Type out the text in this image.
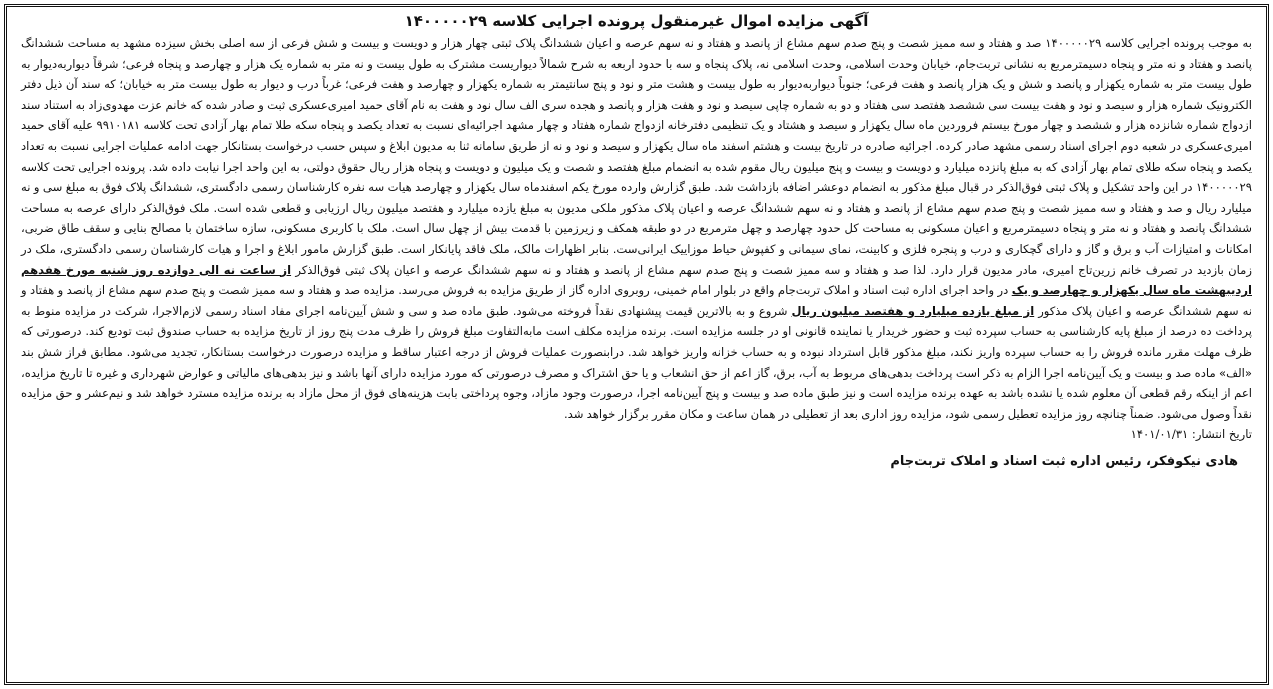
آگهی مزایده اموال غیرمنقول پرونده اجرایی کلاسه ۱۴۰۰۰۰۰۲۹

به موجب پرونده اجرایی کلاسه ۱۴۰۰۰۰۰۲۹ صد و هفتاد و سه ممیز شصت و پنج صدم سهم مشاع از پانصد و هفتاد و نه سهم عرصه و اعیان ششدانگ پلاک ثبتی چهار هزار و دویست و بیست و شش فرعی از سه اصلی بخش سیزده مشهد به مساحت ششدانگ پانصد و هفتاد و نه متر و پنجاه دسیمترمربع به نشانی تربت‌جام، خیابان وحدت اسلامی، وحدت اسلامی نه، پلاک پنجاه و سه با حدود اربعه به شرح شمالاً دیواریست مشترک به طول بیست و نه متر به شماره یک هزار و چهارصد و پنجاه فرعی؛ شرقاً دیواربه‌دیوار به طول بیست متر به شماره یکهزار و پانصد و شش و یک هزار پانصد و هفت فرعی؛ جنوباً دیواربه‌دیوار به طول بیست و هشت متر و نود و پنج سانتیمتر به شماره یکهزار و چهارصد و هفت فرعی؛ غرباً درب و دیوار به طول بیست متر به خیابان؛ که سند آن ذیل دفتر الکترونیک شماره هزار و سیصد و نود و هفت بیست سی ششصد هفتصد سی هفتاد و دو به شماره چاپی سیصد و نود و هفت هزار و پانصد و هجده سری الف سال نود و هفت به نام آقای حمید امیری‌عسکری ثبت و صادر شده که خانم عزت مهدوی‌زاد به استناد سند ازدواج شماره شانزده هزار و ششصد و چهار مورخ بیستم فروردین ماه سال یکهزار و سیصد و هشتاد و یک تنظیمی دفترخانه ازدواج شماره هفتاد و چهار مشهد اجرائیه‌ای نسبت به تعداد یکصد و پنجاه سکه طلا تمام بهار آزادی تحت کلاسه ۹۹۱۰۱۸۱ علیه آقای حمید امیری‌عسکری در شعبه دوم اجرای اسناد رسمی مشهد صادر کرده. اجرائیه صادره در تاریخ بیست و هشتم اسفند ماه سال یکهزار و سیصد و نود و نه از طریق سامانه ثنا به مدیون ابلاغ و سپس حسب درخواست بستانکار جهت ادامه عملیات اجرایی نسبت به تعداد یکصد و پنجاه سکه طلای تمام بهار آزادی که به مبلغ پانزده میلیارد و دویست و بیست و پنج میلیون ریال مقوم شده به انضمام مبلغ هفتصد و شصت و یک میلیون و دویست و پنجاه هزار ریال حقوق دولتی، به این واحد اجرا نیابت داده شد. پرونده اجرایی تحت کلاسه ۱۴۰۰۰۰۰۲۹ در این واحد تشکیل و پلاک ثبتی فوق‌الذکر در قبال مبلغ مذکور به انضمام دوعشر اضافه بازداشت شد. طبق گزارش وارده مورخ یکم اسفندماه سال یکهزار و چهارصد هیات سه نفره کارشناسان رسمی دادگستری، ششدانگ پلاک فوق به مبلغ سی و نه میلیارد ریال و صد و هفتاد و سه ممیز شصت و پنج صدم سهم مشاع از پانصد و هفتاد و نه سهم ششدانگ عرصه و اعیان پلاک مذکور ملکی مدیون به مبلغ یازده میلیارد و هفتصد میلیون ریال ارزیابی و قطعی شده است. ملک فوق‌الذکر دارای عرصه به مساحت ششدانگ پانصد و هفتاد و نه متر و پنجاه دسیمترمربع و اعیان مسکونی به مساحت کل حدود چهارصد و چهل مترمربع در دو طبقه همکف و زیرزمین با قدمت بیش از چهل سال است. ملک با کاربری مسکونی، سازه ساختمان با مصالح بنایی و سقف طاق ضربی، امکانات و امتیازات آب و برق و گاز و دارای گچکاری و درب و پنجره فلزی و کابینت، نمای سیمانی و کفپوش حیاط موزاییک ایرانی‌ست. بنابر اظهارات مالک، ملک فاقد پایانکار است. طبق گزارش مامور ابلاغ و اجرا و هیات کارشناسان رسمی دادگستری، ملک در زمان بازدید در تصرف خانم زرین‌تاج امیری، مادر مدیون قرار دارد. لذا صد و هفتاد و سه ممیز شصت و پنج صدم سهم مشاع از پانصد و هفتاد و نه سهم ششدانگ عرصه و اعیان پلاک ثبتی فوق‌الذکر از ساعت نه الی دوازده روز شنبه مورخ هفدهم اردیبهشت ماه سال یکهزار و چهارصد و یک در واحد اجرای اداره ثبت اسناد و املاک تربت‌جام واقع در بلوار امام خمینی، روبروی اداره گاز از طریق مزایده به فروش می‌رسد. مزایده صد و هفتاد و سه ممیز شصت و پنج صدم سهم مشاع از پانصد و هفتاد و نه سهم ششدانگ عرصه و اعیان پلاک مذکور از مبلغ یازده میلیارد و هفتصد میلیون ریال شروع و به بالاترین قیمت پیشنهادی نقداً فروخته می‌شود. طبق ماده صد و سی و شش آیین‌نامه اجرای مفاد اسناد رسمی لازم‌الاجرا، شرکت در مزایده منوط به پرداخت ده درصد از مبلغ پایه کارشناسی به حساب سپرده ثبت و حضور خریدار یا نماینده قانونی او در جلسه مزایده است. برنده مزایده مکلف است مابه‌التفاوت مبلغ فروش را ظرف مدت پنج روز از تاریخ مزایده به حساب صندوق ثبت تودیع کند. درصورتی که ظرف مهلت مقرر مانده فروش را به حساب سپرده واریز نکند، مبلغ مذکور قابل استرداد نبوده و به حساب خزانه واریز خواهد شد. درابنصورت عملیات فروش از درجه اعتبار ساقط و مزایده درصورت درخواست بستانکار، تجدید می‌شود. مطابق فراز شش بند «الف» ماده صد و بیست و یک آیین‌نامه اجرا الزام به ذکر است پرداخت بدهی‌های مربوط به آب، برق، گاز اعم از حق انشعاب و یا حق اشتراک و مصرف درصورتی که مورد مزایده دارای آنها باشد و نیز بدهی‌های مالیاتی و عوارض شهرداری و غیره تا تاریخ مزایده، اعم از اینکه رقم قطعی آن معلوم شده یا نشده باشد به عهده برنده مزایده است و نیز طبق ماده صد و بیست و پنج آیین‌نامه اجرا، درصورت وجود مازاد، وجوه پرداختی بابت هزینه‌های فوق از محل مازاد به برنده مزایده مسترد خواهد شد و نیم‌عشر و حق مزایده نقداً وصول می‌شود. ضمناً چنانچه روز مزایده تعطیل رسمی شود، مزایده روز اداری بعد از تعطیلی در همان ساعت و مکان مقرر برگزار خواهد شد.

تاریخ انتشار: ۱۴۰۱/۰۱/۳۱

هادی نیکوفکر، رئیس اداره ثبت اسناد و املاک تربت‌جام
